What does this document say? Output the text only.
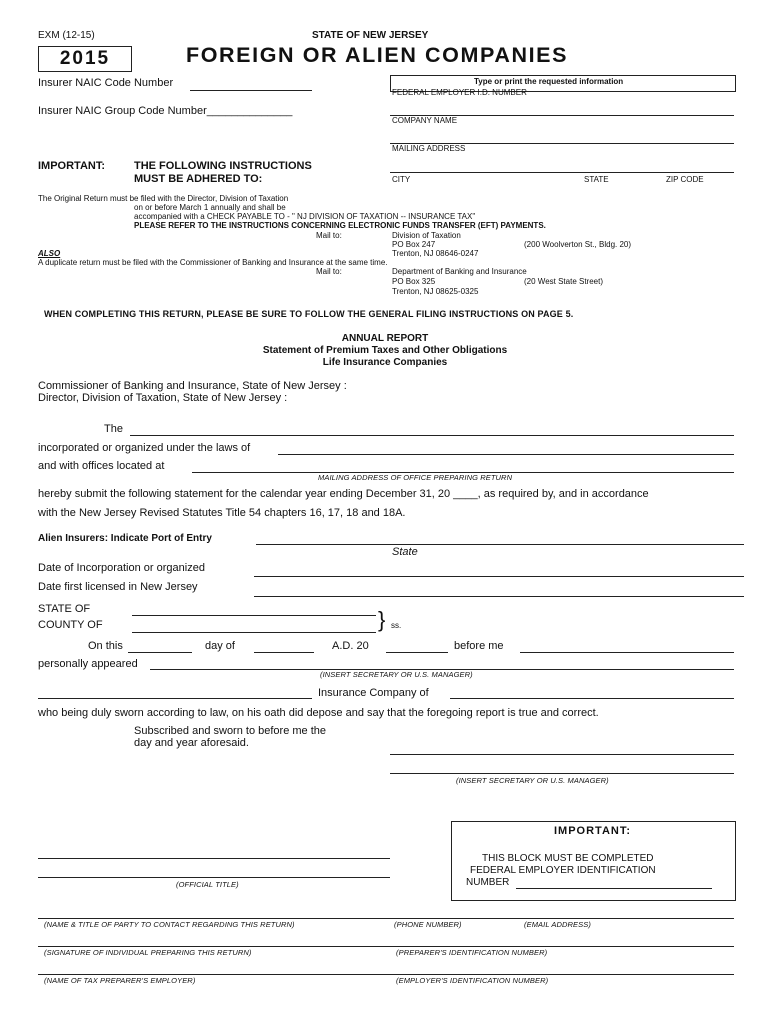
EXM (12-15)	STATE OF NEW JERSEY
2015	FOREIGN OR ALIEN COMPANIES
Insurer NAIC Code Number
Insurer NAIC Group Code Number______________
Type or print the requested information
FEDERAL EMPLOYER I.D. NUMBER
COMPANY NAME
MAILING ADDRESS
CITY	STATE	ZIP CODE
IMPORTANT:	THE FOLLOWING INSTRUCTIONS
MUST BE ADHERED TO:
The Original Return must be filed with the Director, Division of Taxation
on or before March 1 annually and shall be
accompanied with a CHECK PAYABLE TO - " NJ DIVISION OF TAXATION -- INSURANCE TAX"
PLEASE REFER TO THE INSTRUCTIONS CONCERNING ELECTRONIC FUNDS TRANSFER (EFT) PAYMENTS.
Mail to:	Division of Taxation
PO Box 247	(200 Woolverton St., Bldg. 20)
Trenton, NJ 08646-0247
ALSO
A duplicate return must be filed with the Commissioner of Banking and Insurance at the same time.
Mail to:	Department of Banking and Insurance
PO Box 325	(20 West State Street)
Trenton, NJ 08625-0325
WHEN COMPLETING THIS RETURN, PLEASE BE SURE TO FOLLOW THE GENERAL FILING INSTRUCTIONS ON PAGE 5.
ANNUAL REPORT
Statement of Premium Taxes and Other Obligations
Life Insurance Companies
Commissioner of Banking and Insurance, State of New Jersey :
Director, Division of Taxation, State of New Jersey :
The
incorporated or organized under the laws of
and with offices located at
MAILING ADDRESS OF OFFICE PREPARING RETURN
hereby submit the following statement for the calendar year ending December 31, 20 ____, as required by, and in accordance
with the New Jersey Revised Statutes Title 54 chapters 16, 17, 18 and 18A.
Alien Insurers: Indicate Port of Entry
State
Date of Incorporation or organized
Date first licensed in New Jersey
STATE OF
COUNTY OF	} ss.
On this	day of	A.D. 20	before me
personally appeared
(INSERT SECRETARY OR U.S. MANAGER)
Insurance Company of
who being duly sworn according to law, on his oath did depose and say that the foregoing report is true and correct.
Subscribed and sworn to before me the
day and year aforesaid.
(INSERT SECRETARY OR U.S. MANAGER)
IMPORTANT:
THIS BLOCK MUST BE COMPLETED
FEDERAL EMPLOYER IDENTIFICATION
NUMBER
(OFFICIAL TITLE)
(NAME & TITLE OF PARTY TO CONTACT REGARDING THIS RETURN)	(PHONE NUMBER)	(EMAIL ADDRESS)
(SIGNATURE OF INDIVIDUAL PREPARING THIS RETURN)	(PREPARER'S IDENTIFICATION NUMBER)
(NAME OF TAX PREPARER'S EMPLOYER)	(EMPLOYER'S IDENTIFICATION NUMBER)
